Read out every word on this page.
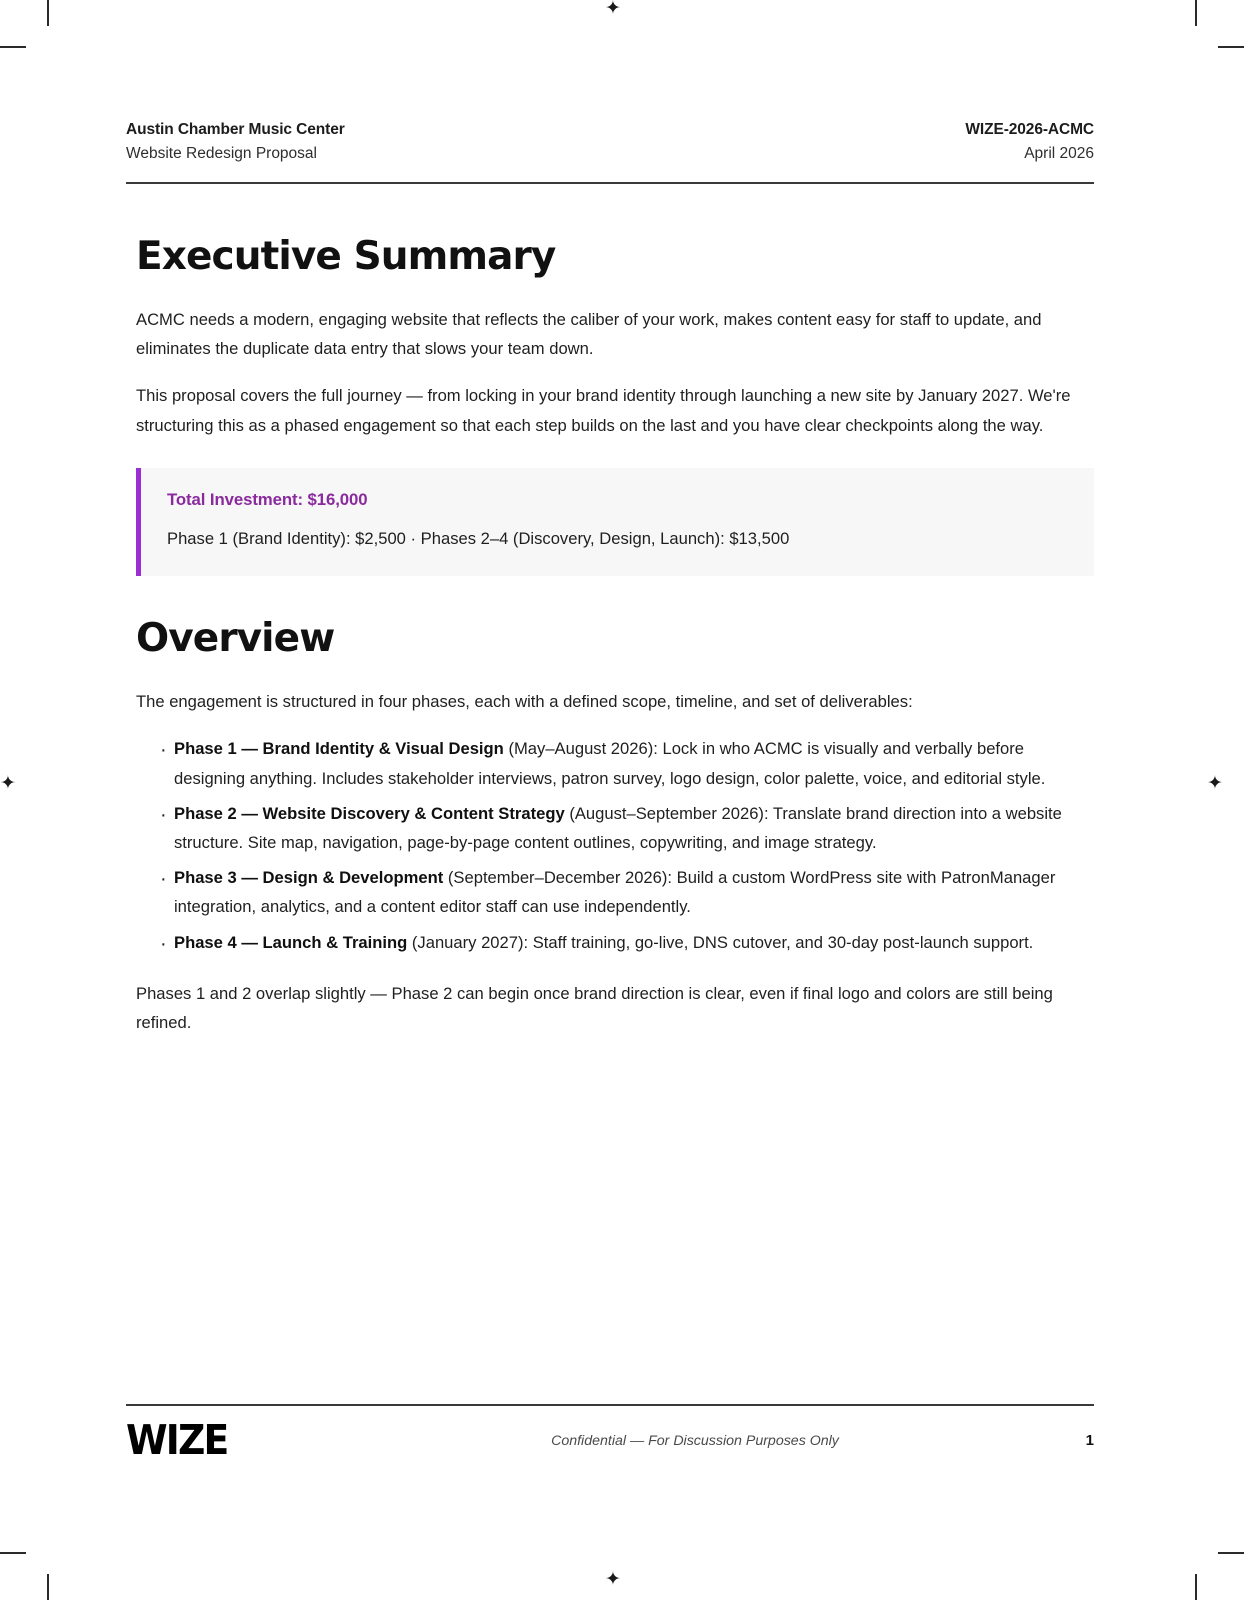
✦
✦
✦	✦
Austin Chamber Music Center
Website Redesign Proposal
WIZE-2026-ACMC
April 2026
Executive Summary

ACMC needs a modern, engaging website that reflects the caliber of your work, makes content easy for staff to update, and eliminates the duplicate data entry that slows your team down.

This proposal covers the full journey — from locking in your brand identity through launching a new site by January 2027. We're structuring this as a phased engagement so that each step builds on the last and you have clear checkpoints along the way.

Total Investment: $16,000
Phase 1 (Brand Identity): $2,500 · Phases 2–4 (Discovery, Design, Launch): $13,500
Overview

The engagement is structured in four phases, each with a defined scope, timeline, and set of deliverables:

· Phase 1 — Brand Identity & Visual Design (May–August 2026): Lock in who ACMC is visually and verbally before designing anything. Includes stakeholder interviews, patron survey, logo design, color palette, voice, and editorial style.
· Phase 2 — Website Discovery & Content Strategy (August–September 2026): Translate brand direction into a website structure. Site map, navigation, page-by-page content outlines, copywriting, and image strategy.
· Phase 3 — Design & Development (September–December 2026): Build a custom WordPress site with PatronManager integration, analytics, and a content editor staff can use independently.
· Phase 4 — Launch & Training (January 2027): Staff training, go-live, DNS cutover, and 30-day post-launch support.

Phases 1 and 2 overlap slightly — Phase 2 can begin once brand direction is clear, even if final logo and colors are still being refined.

WIZE	Confidential — For Discussion Purposes Only	1
